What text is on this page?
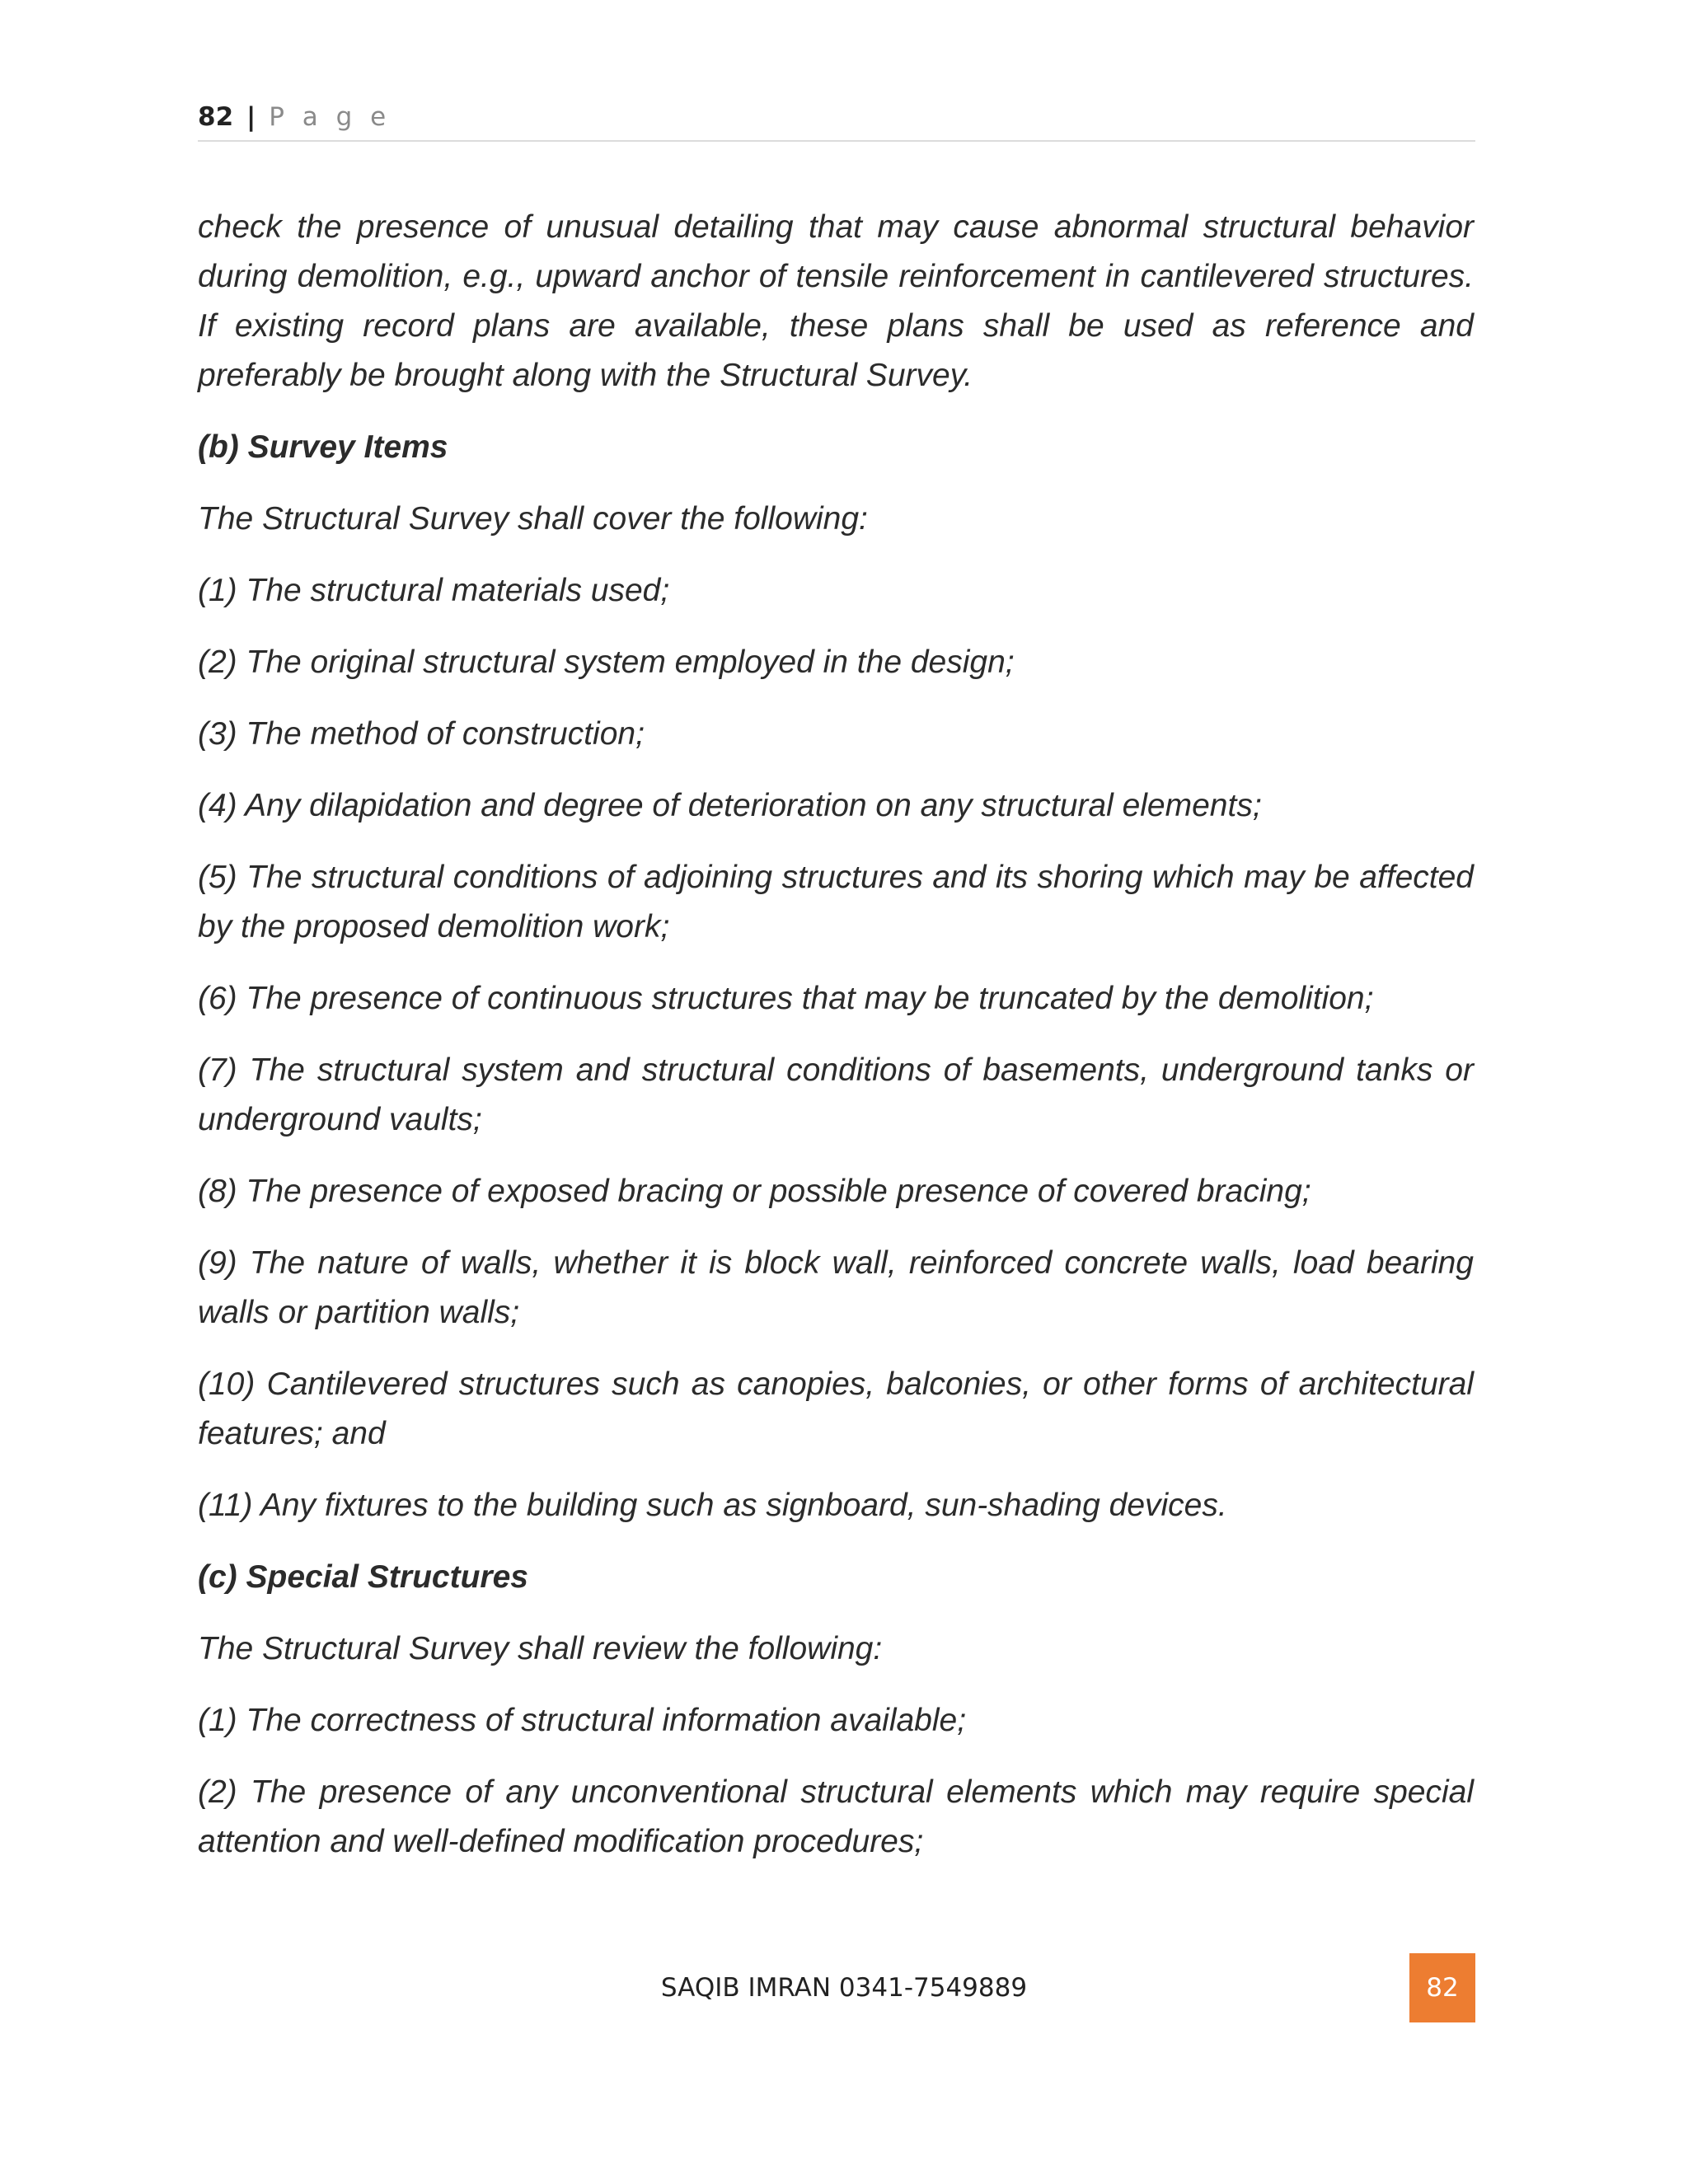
82 | P a g e

check the presence of unusual detailing that may cause abnormal structural behavior during demolition, e.g., upward anchor of tensile reinforcement in cantilevered structures. If existing record plans are available, these plans shall be used as reference and preferably be brought along with the Structural Survey.

(b) Survey Items

The Structural Survey shall cover the following:

(1) The structural materials used;

(2) The original structural system employed in the design;

(3) The method of construction;

(4) Any dilapidation and degree of deterioration on any structural elements;

(5) The structural conditions of adjoining structures and its shoring which may be affected by the proposed demolition work;

(6) The presence of continuous structures that may be truncated by the demolition;

(7) The structural system and structural conditions of basements, underground tanks or underground vaults;

(8) The presence of exposed bracing or possible presence of covered bracing;

(9) The nature of walls, whether it is block wall, reinforced concrete walls, load bearing walls or partition walls;

(10) Cantilevered structures such as canopies, balconies, or other forms of architectural features; and

(11) Any fixtures to the building such as signboard, sun-shading devices.

(c) Special Structures

The Structural Survey shall review the following:

(1) The correctness of structural information available;

(2) The presence of any unconventional structural elements which may require special attention and well-defined modification procedures;

SAQIB IMRAN 0341-7549889	82
